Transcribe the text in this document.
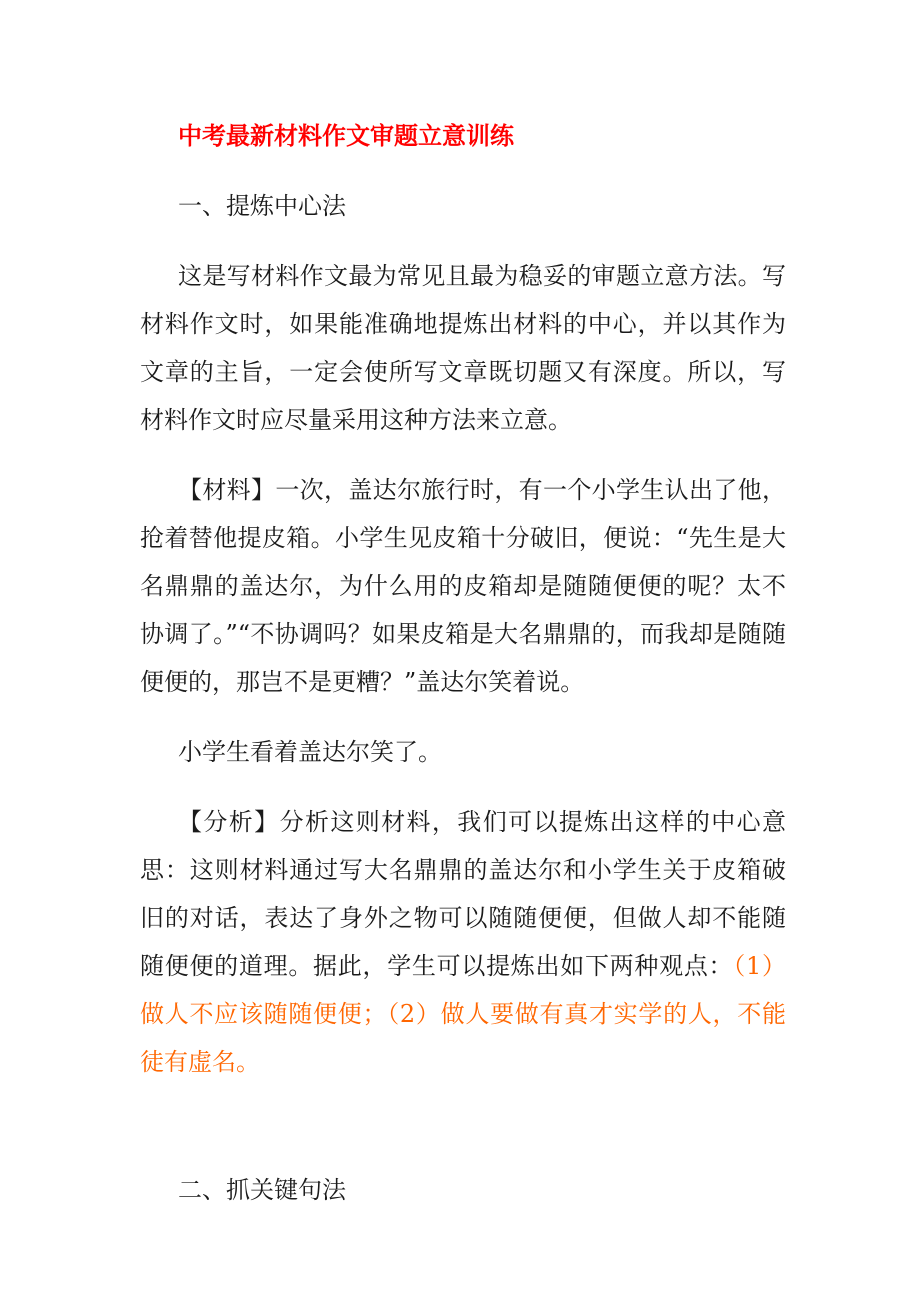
中考最新材料作文审题立意训练
一、提炼中心法

这是写材料作文最为常见且最为稳妥的审题立意方法。写材料作文时，如果能准确地提炼出材料的中心，并以其作为文章的主旨，一定会使所写文章既切题又有深度。所以，写材料作文时应尽量采用这种方法来立意。

【材料】一次，盖达尔旅行时，有一个小学生认出了他，抢着替他提皮箱。小学生见皮箱十分破旧，便说：“先生是大名鼎鼎的盖达尔，为什么用的皮箱却是随随便便的呢？太不协调了。”“不协调吗？如果皮箱是大名鼎鼎的，而我却是随随便便的，那岂不是更糟？”盖达尔笑着说。

小学生看着盖达尔笑了。

【分析】分析这则材料，我们可以提炼出这样的中心意思：这则材料通过写大名鼎鼎的盖达尔和小学生关于皮箱破旧的对话，表达了身外之物可以随随便便，但做人却不能随随便便的道理。据此，学生可以提炼出如下两种观点：（1）做人不应该随随便便；（2）做人要做有真才实学的人，不能徒有虚名。

二、抓关键句法
